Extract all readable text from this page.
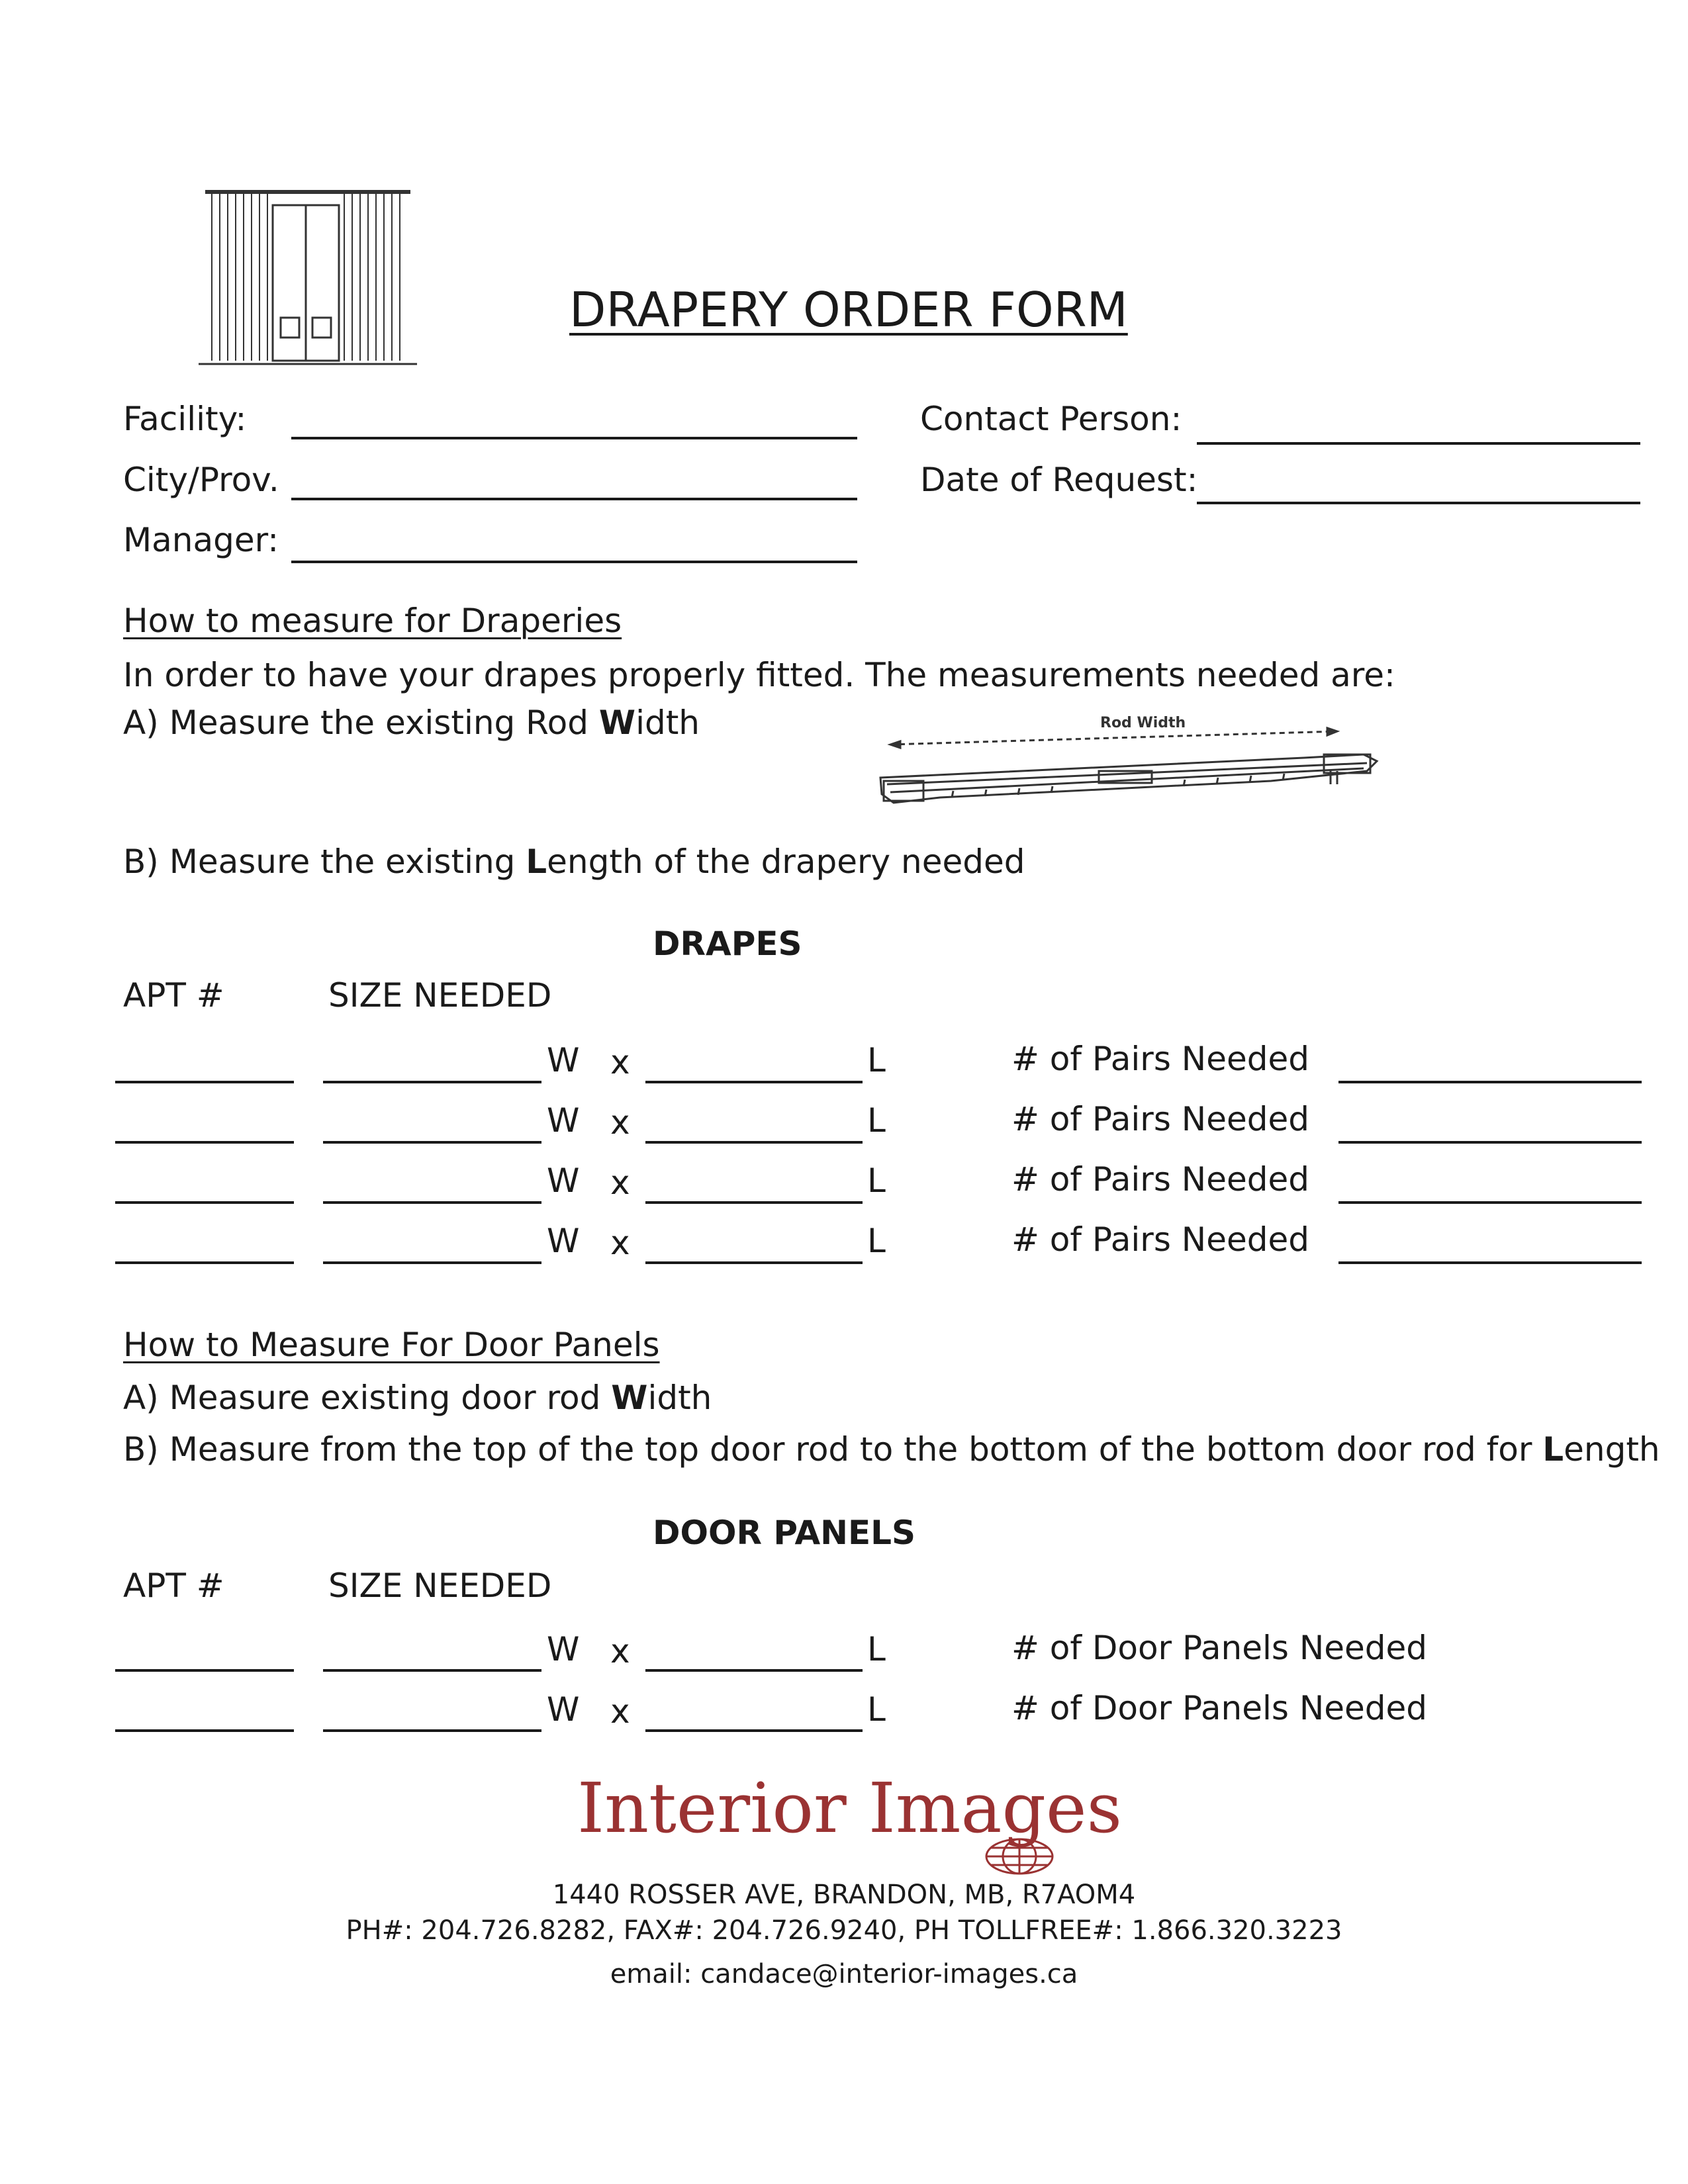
DRAPERY ORDER FORM
Facility:	Contact Person:
City/Prov.	Date of Request:
Manager:
How to measure for Draperies
In order to have your drapes properly fitted. The measurements needed are:
A) Measure the existing Rod Width	Rod Width
B) Measure the existing Length of the drapery needed
DRAPES
APT #	SIZE NEEDED
W x	L	# of Pairs Needed
W x	L	# of Pairs Needed
W x	L	# of Pairs Needed
W x	L	# of Pairs Needed
How to Measure For Door Panels
A) Measure existing door rod Width
B) Measure from the top of the top door rod to the bottom of the bottom door rod for Length
DOOR PANELS
APT #	SIZE NEEDED
W x	L	# of Door Panels Needed
W x	L	# of Door Panels Needed
Interior Images
1440 ROSSER AVE, BRANDON, MB, R7AOM4
PH#: 204.726.8282, FAX#: 204.726.9240, PH TOLLFREE#: 1.866.320.3223
email: candace@interior-images.ca
